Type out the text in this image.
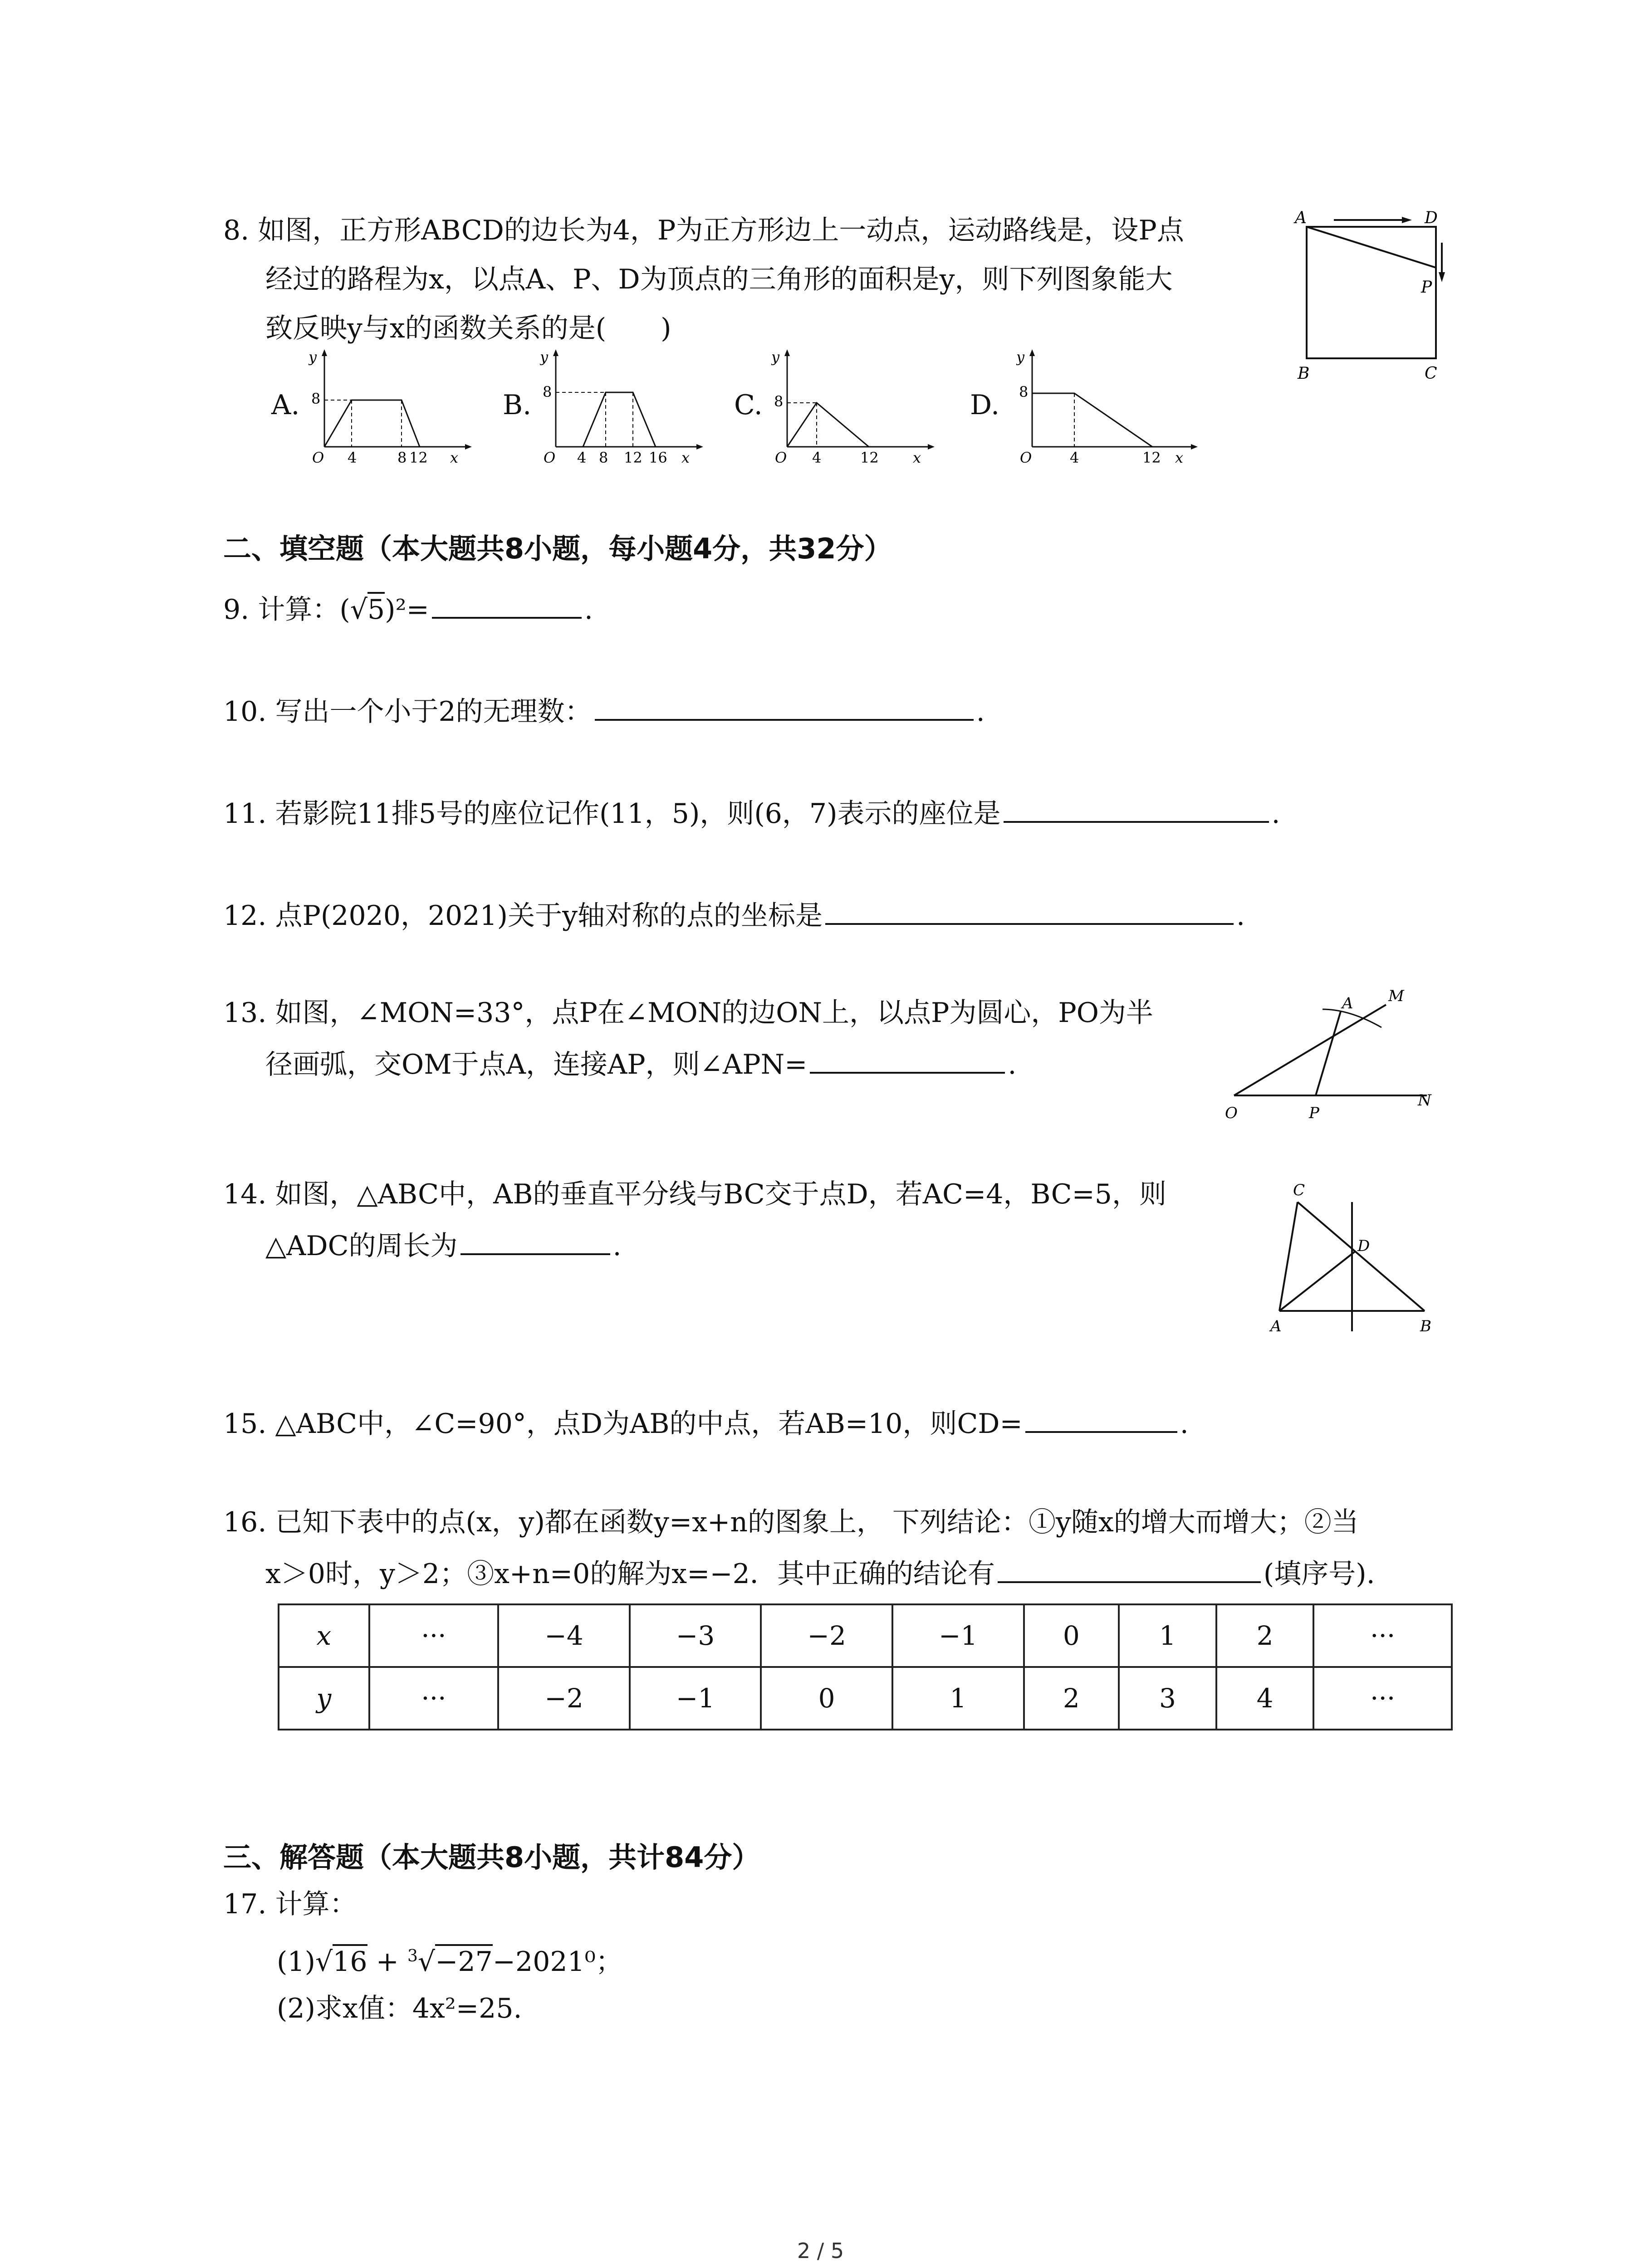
8. 如图，正方形ABCD的边长为4，P为正方形边上一动点，运动路线是，设P点
经过的路程为x，以点A、P、D为顶点的三角形的面积是y，则下列图象能大
致反映y与x的函数关系的是(　　)
A	D
P
B	C
A. 8
4	8 12
O	x
y
B. 8
4 8 12 16
O	x
y
C. 8
4	12
O	x
y
D. 8
4	12
O	x
y
二、填空题（本大题共8小题，每小题4分，共32分）
9. 计算：(√5)²=	.
10. 写出一个小于2的无理数：	.
11. 若影院11排5号的座位记作(11，5)，则(6，7)表示的座位是	.
12. 点P(2020，2021)关于y轴对称的点的坐标是	.
13. 如图，∠MON=33°，点P在∠MON的边ON上，以点P为圆心，PO为半
径画弧，交OM于点A，连接AP，则∠APN=	.
O	P
N
A M
14. 如图，△ABC中，AB的垂直平分线与BC交于点D，若AC=4，BC=5，则
△ADC的周长为	.
C
D
A	B
15. △ABC中，∠C=90°，点D为AB的中点，若AB=10，则CD=	.
16. 已知下表中的点(x，y)都在函数y=x+n的图象上， 下列结论：①y随x的增大而增大；②当
x＞0时，y＞2；③x+n=0的解为x=−2．其中正确的结论有	(填序号).
x	···	−4	−3	−2	−1	0	1	2	···
y	···	−2	−1	0	1	2	3	4	···
三、解答题（本大题共8小题，共计84分）
17. 计算：
(1)√16 + $^3$√−27−2021⁰；
(2)求x值：4x²=25.
2 / 5
